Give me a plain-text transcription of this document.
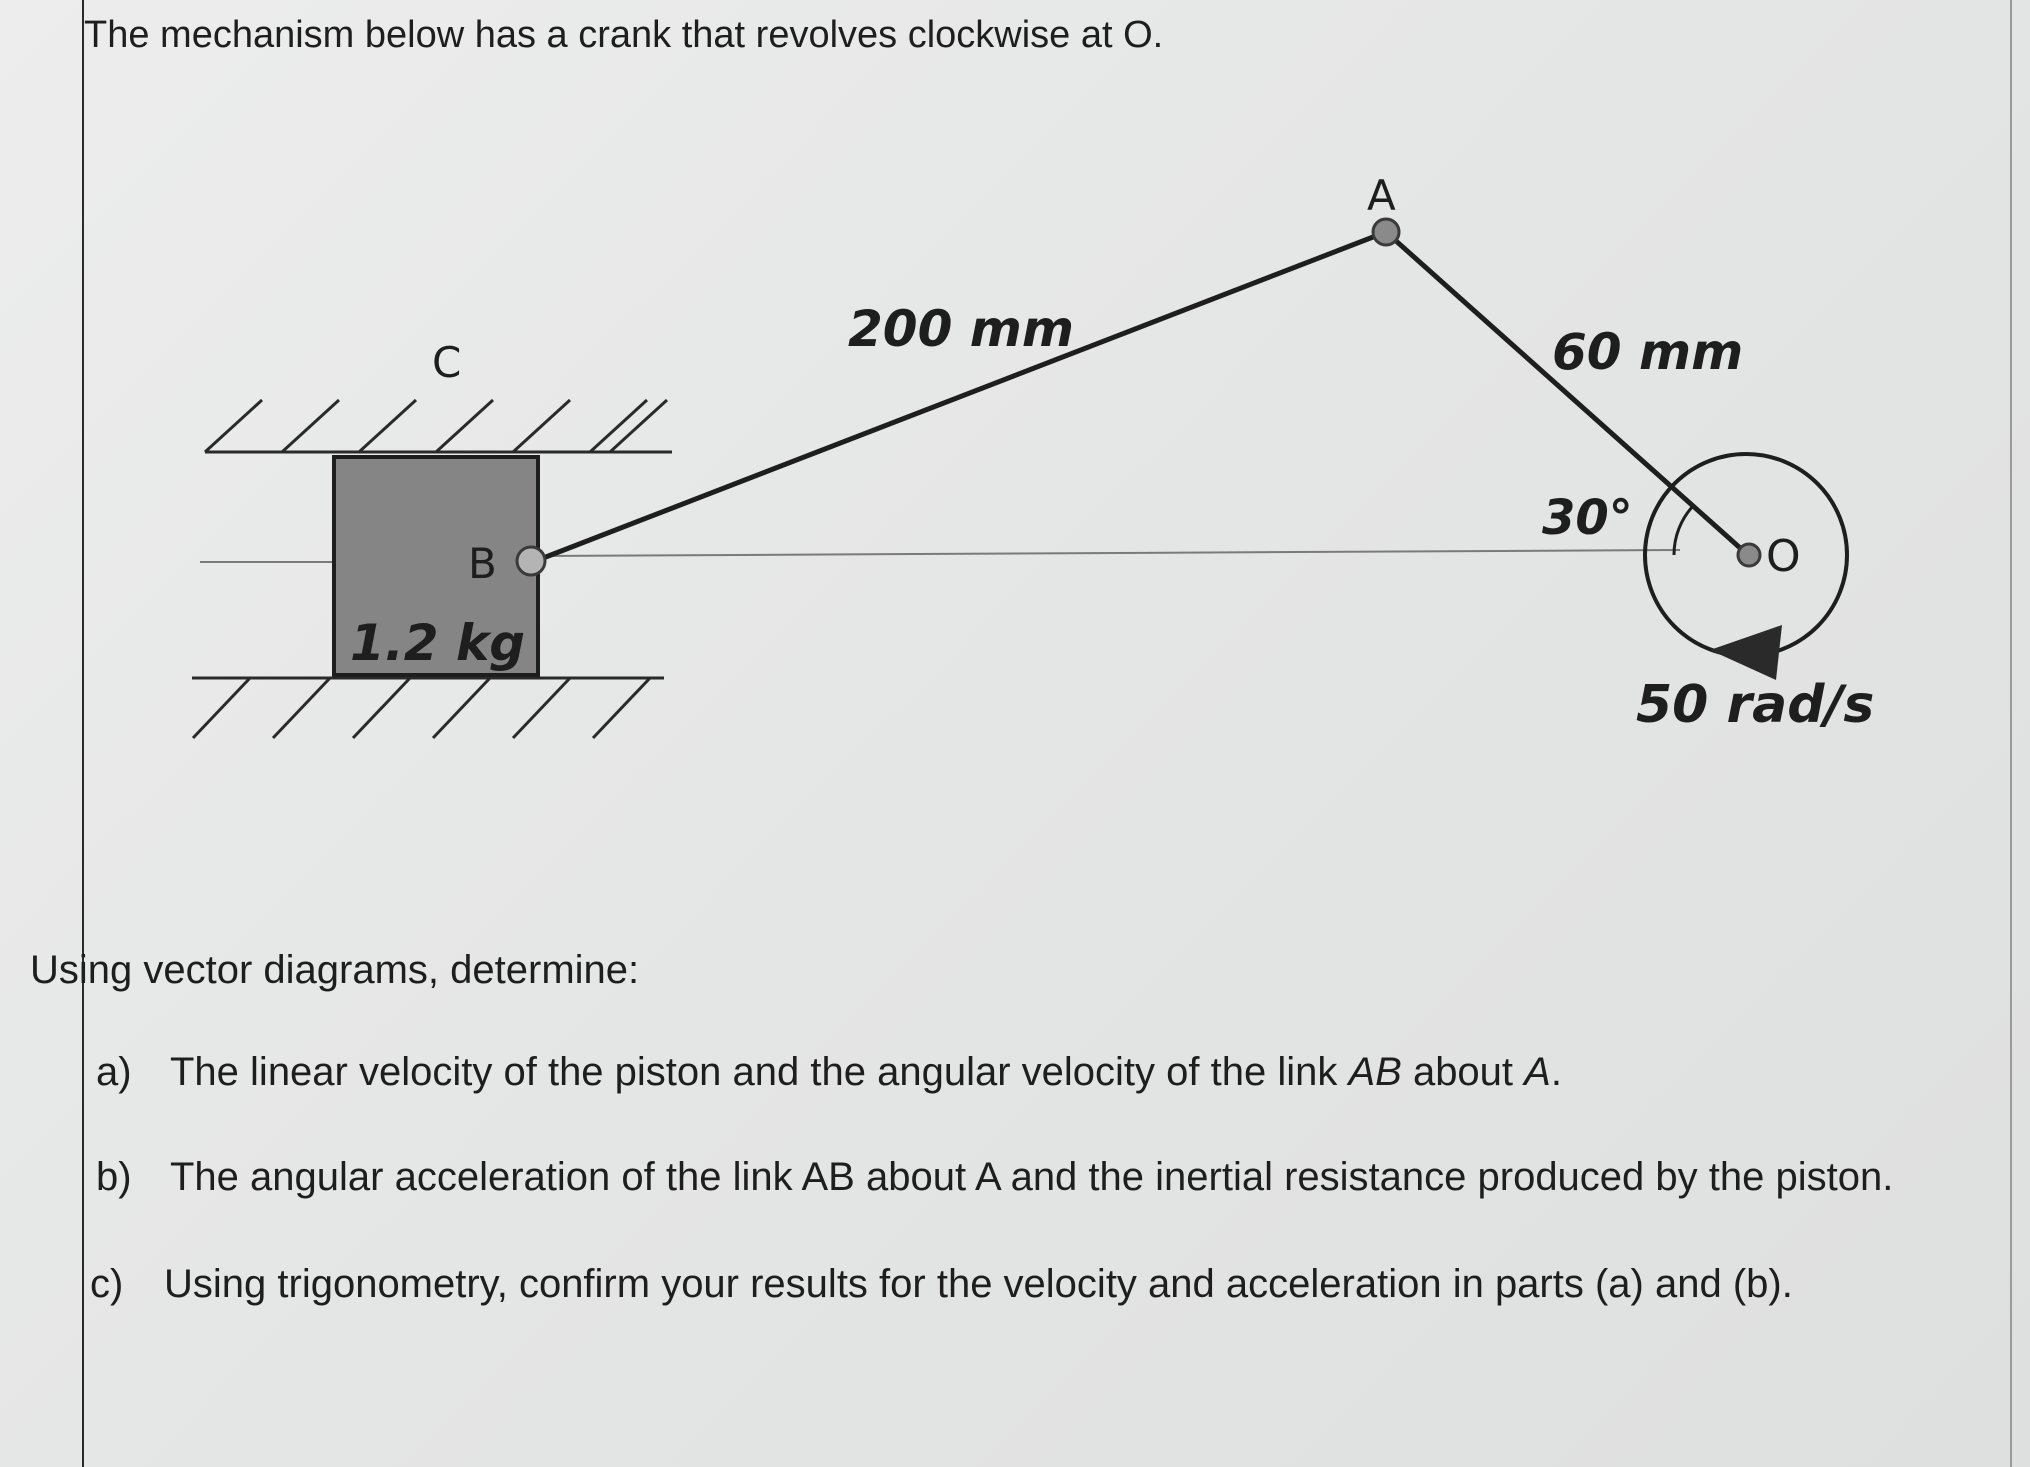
The mechanism below has a crank that revolves clockwise at O.
A
C
B	O
200 mm	60 mm
30°
50 rad/s
1.2 kg
Using vector diagrams, determine:
a) The linear velocity of the piston and the angular velocity of the link AB about A.
b) The angular acceleration of the link AB about A and the inertial resistance produced by the piston.
c) Using trigonometry, confirm your results for the velocity and acceleration in parts (a) and (b).
